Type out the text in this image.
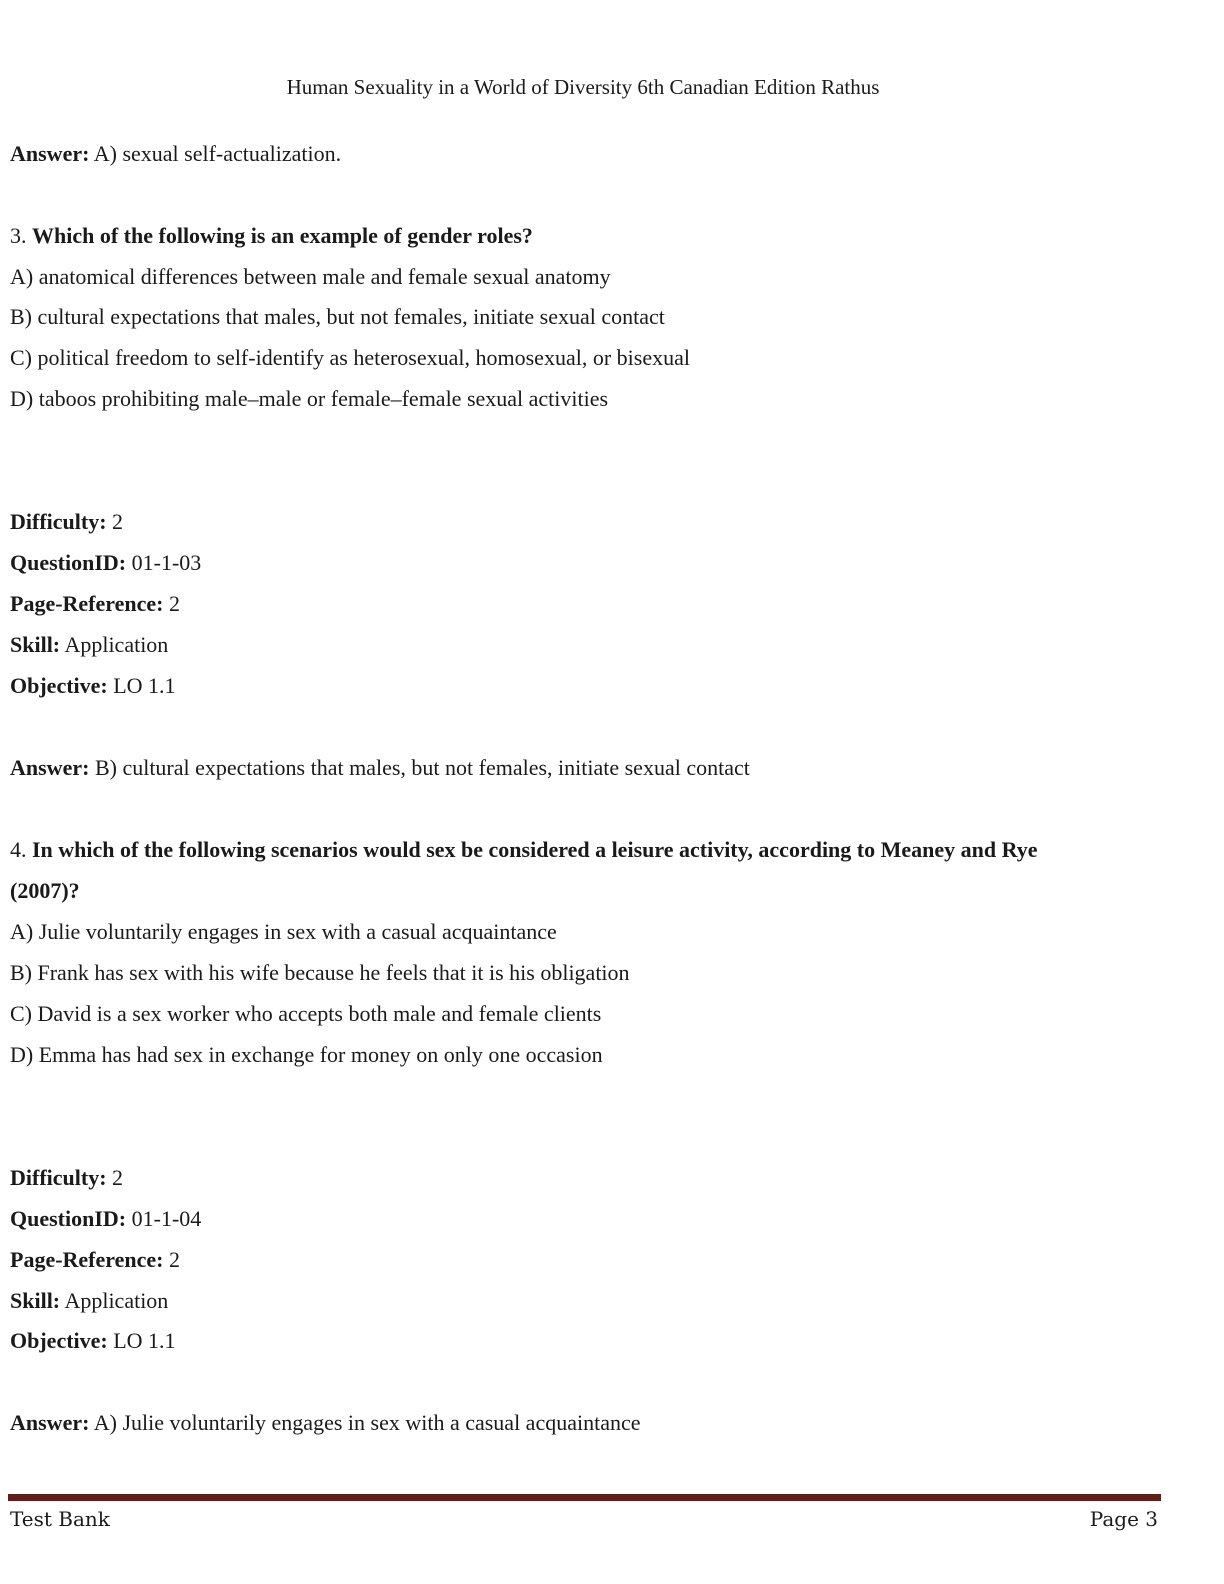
Human Sexuality in a World of Diversity 6th Canadian Edition Rathus
Answer: A) sexual self-actualization.
3. Which of the following is an example of gender roles?
A) anatomical differences between male and female sexual anatomy
B) cultural expectations that males, but not females, initiate sexual contact
C) political freedom to self-identify as heterosexual, homosexual, or bisexual
D) taboos prohibiting male–male or female–female sexual activities
Difficulty: 2
QuestionID: 01-1-03
Page-Reference: 2
Skill: Application
Objective: LO 1.1
Answer: B) cultural expectations that males, but not females, initiate sexual contact
4. In which of the following scenarios would sex be considered a leisure activity, according to Meaney and Rye
(2007)?
A) Julie voluntarily engages in sex with a casual acquaintance
B) Frank has sex with his wife because he feels that it is his obligation
C) David is a sex worker who accepts both male and female clients
D) Emma has had sex in exchange for money on only one occasion
Difficulty: 2
QuestionID: 01-1-04
Page-Reference: 2
Skill: Application
Objective: LO 1.1
Answer: A) Julie voluntarily engages in sex with a casual acquaintance
Test Bank	Page 3
